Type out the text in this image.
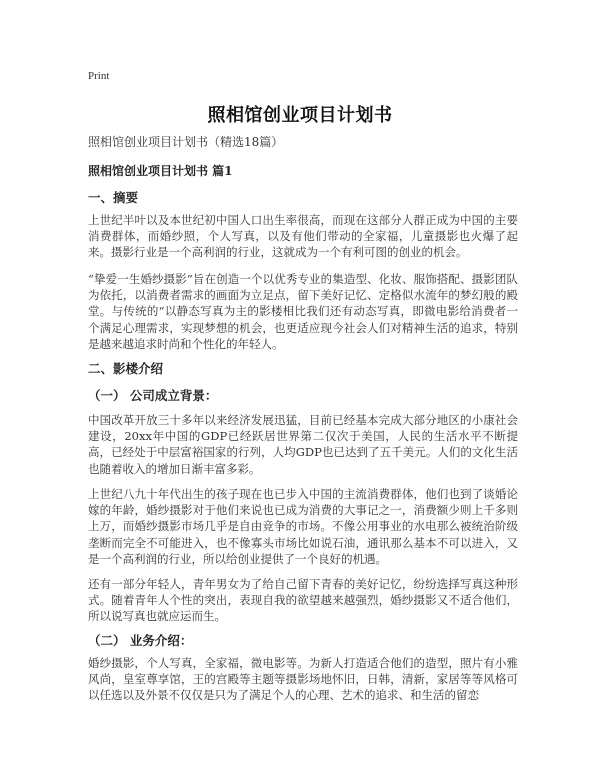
Print
照相馆创业项目计划书
照相馆创业项目计划书（精选18篇）
照相馆创业项目计划书 篇1
一、摘要
上世纪半叶以及本世纪初中国人口出生率很高，而现在这部分人群正成为中国的主要消费群体，而婚纱照，个人写真，以及有他们带动的全家福，儿童摄影也火爆了起来。摄影行业是一个高利润的行业，这就成为一个有利可图的创业的机会。
“挚爱一生婚纱摄影”旨在创造一个以优秀专业的集造型、化妆、服饰搭配、摄影团队为依托，以消费者需求的画面为立足点，留下美好记忆、定格似水流年的梦幻般的殿堂。与传统的“以静态写真为主的影楼相比我们还有动态写真，即微电影给消费者一个满足心理需求，实现梦想的机会，也更适应现今社会人们对精神生活的追求，特别是越来越追求时尚和个性化的年轻人。
二、影楼介绍
（一） 公司成立背景：
中国改革开放三十多年以来经济发展迅猛，目前已经基本完成大部分地区的小康社会建设，20xx年中国的GDP已经跃居世界第二仅次于美国，人民的生活水平不断提高，已经处于中层富裕国家的行列，人均GDP也已达到了五千美元。人们的文化生活也随着收入的增加日渐丰富多彩。
上世纪八九十年代出生的孩子现在也已步入中国的主流消费群体，他们也到了谈婚论嫁的年龄，婚纱摄影对于他们来说也已成为消费的大事记之一，消费额少则上千多则上万，而婚纱摄影市场几乎是自由竞争的市场。不像公用事业的水电那么被统治阶级垄断而完全不可能进入，也不像寡头市场比如说石油，通讯那么基本不可以进入，又是一个高利润的行业，所以给创业提供了一个良好的机遇。
还有一部分年轻人，青年男女为了给自己留下青春的美好记忆，纷纷选择写真这种形式。随着青年人个性的突出，表现自我的欲望越来越强烈，婚纱摄影又不适合他们，所以说写真也就应运而生。
（二） 业务介绍：
婚纱摄影，个人写真，全家福，微电影等。为新人打造适合他们的造型，照片有小雅风尚，皇室尊享馆，王的宫殿等主题等摄影场地怀旧，日韩，清新，家居等等风格可以任选以及外景不仅仅是只为了满足个人的心理、艺术的追求、和生活的留恋
